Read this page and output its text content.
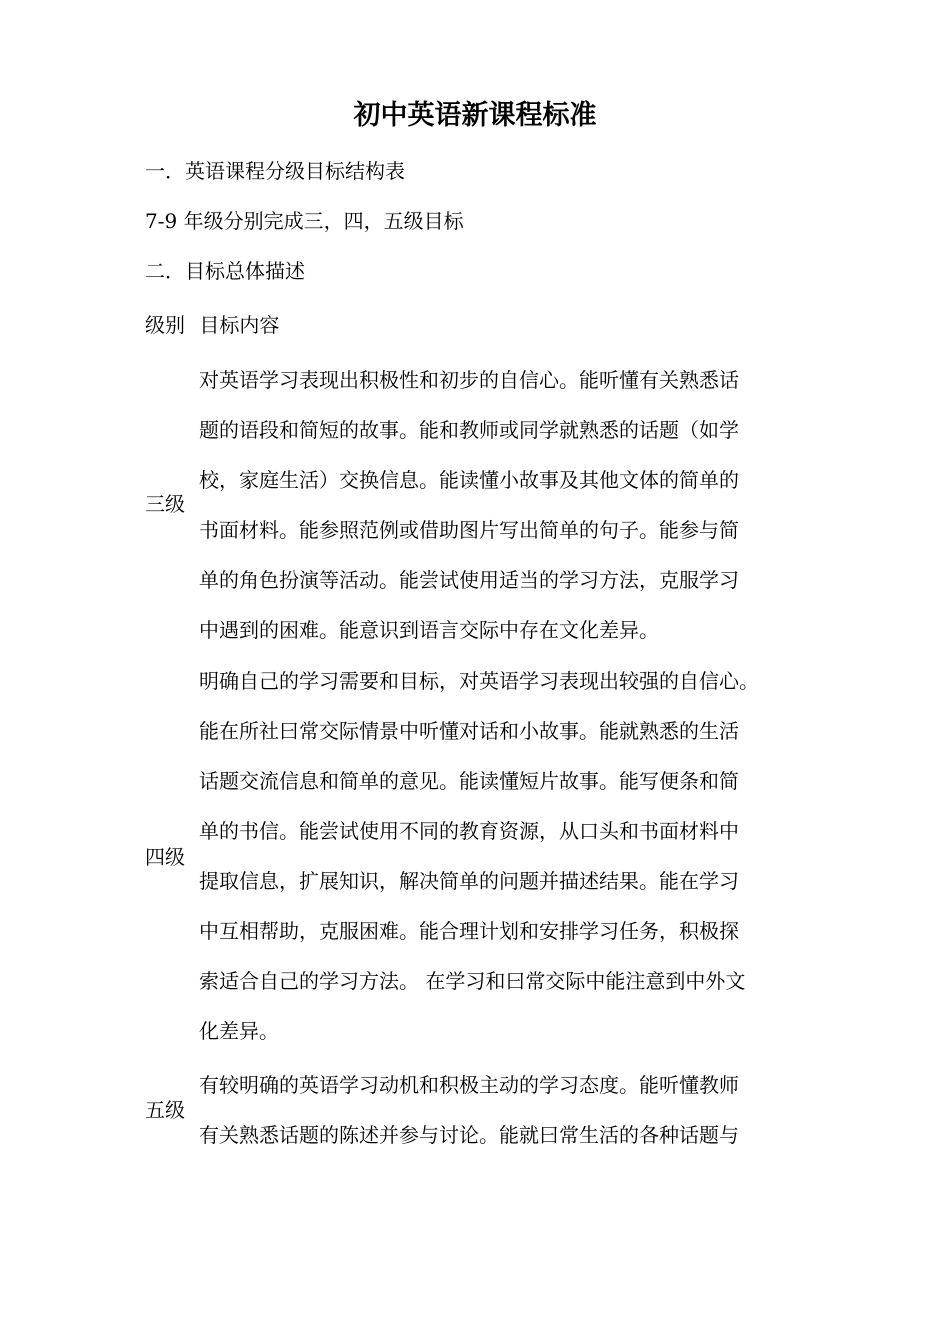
初中英语新课程标准
一．英语课程分级目标结构表
7-9 年级分别完成三，四，五级目标
二．目标总体描述
级别 目标内容
三级
对英语学习表现出积极性和初步的自信心。能听懂有关熟悉话
题的语段和简短的故事。能和教师或同学就熟悉的话题（如学
校，家庭生活）交换信息。能读懂小故事及其他文体的简单的
书面材料。能参照范例或借助图片写出简单的句子。能参与简
单的角色扮演等活动。能尝试使用适当的学习方法，克服学习
中遇到的困难。能意识到语言交际中存在文化差异。
四级
明确自己的学习需要和目标，对英语学习表现出较强的自信心。
能在所社曰常交际情景中听懂对话和小故事。能就熟悉的生活
话题交流信息和简单的意见。能读懂短片故事。能写便条和简
单的书信。能尝试使用不同的教育资源，从口头和书面材料中
提取信息，扩展知识，解决简单的问题并描述结果。能在学习
中互相帮助，克服困难。能合理计划和安排学习任务，积极探
索适合自己的学习方法。 在学习和曰常交际中能注意到中外文
化差异。
五级
有较明确的英语学习动机和积极主动的学习态度。能听懂教师
有关熟悉话题的陈述并参与讨论。能就曰常生活的各种话题与
